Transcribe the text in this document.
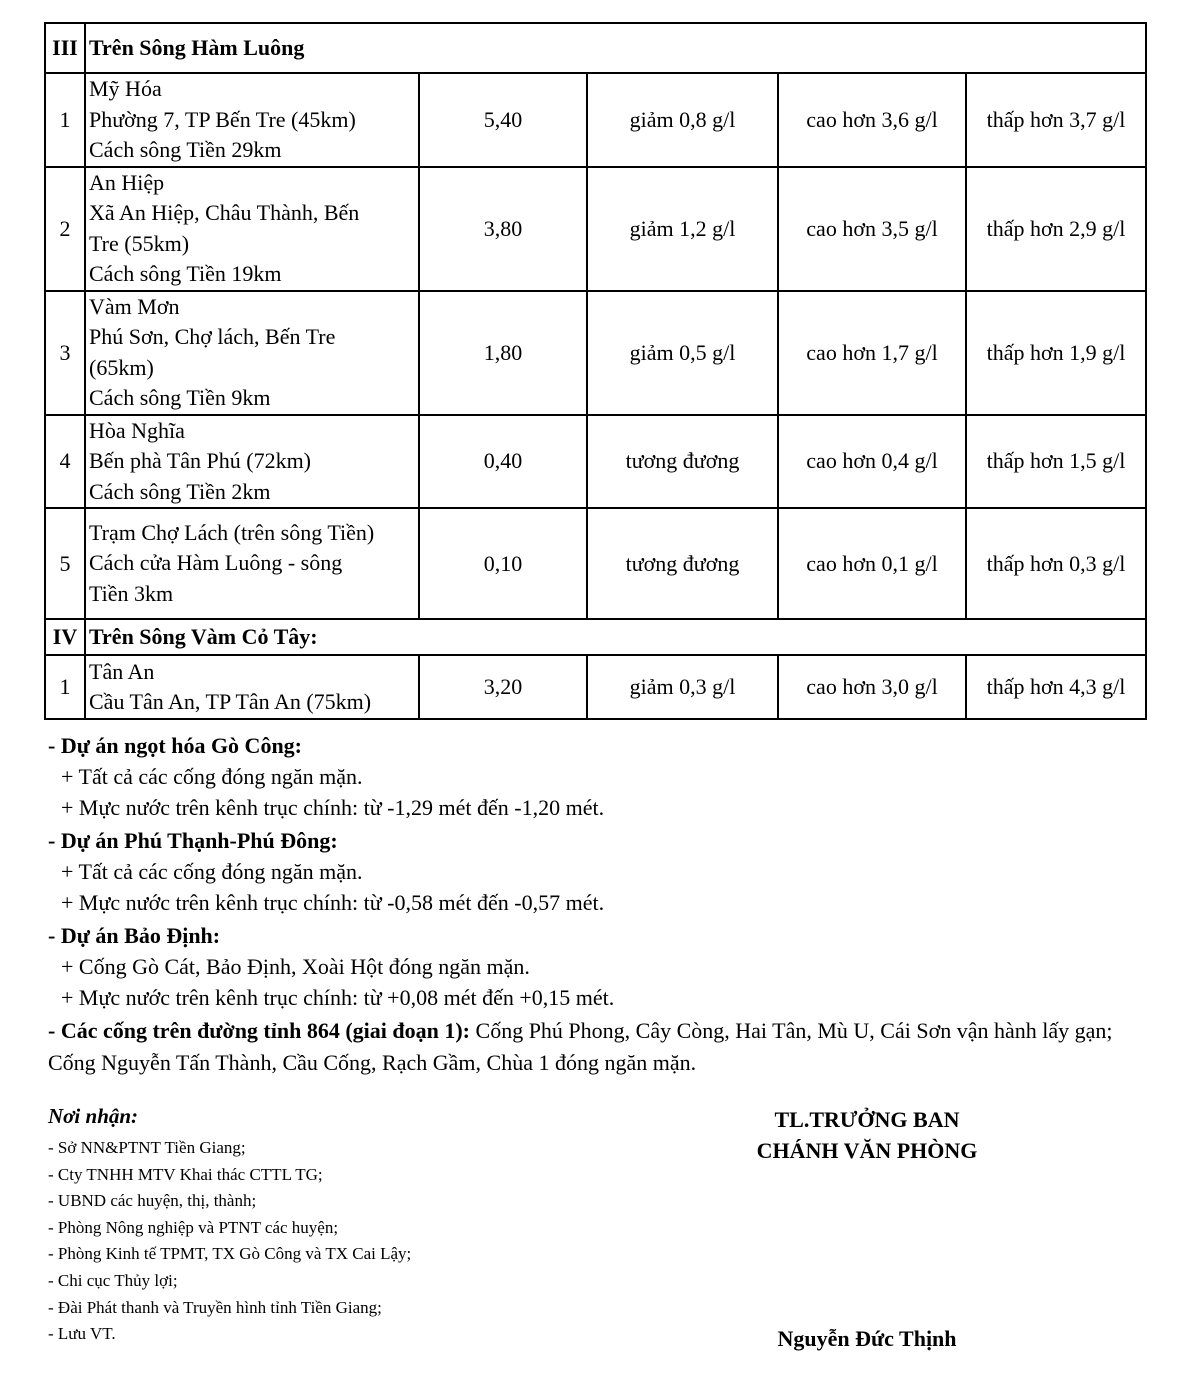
III	Trên Sông Hàm Luông				
1	Mỹ Hóa
Phường 7, TP Bến Tre (45km)
Cách sông Tiền 29km	5,40	giảm 0,8 g/l	cao hơn 3,6 g/l	thấp hơn 3,7 g/l
2	An Hiệp
Xã An Hiệp, Châu Thành, Bến
Tre (55km)
Cách sông Tiền 19km	3,80	giảm 1,2 g/l	cao hơn 3,5 g/l	thấp hơn 2,9 g/l
3	Vàm Mơn
Phú Sơn, Chợ lách, Bến Tre
(65km)
Cách sông Tiền 9km	1,80	giảm 0,5 g/l	cao hơn 1,7 g/l	thấp hơn 1,9 g/l
4	Hòa Nghĩa
Bến phà Tân Phú (72km)
Cách sông Tiền 2km	0,40	tương đương	cao hơn 0,4 g/l	thấp hơn 1,5 g/l
5	Trạm Chợ Lách (trên sông Tiền)
Cách cửa Hàm Luông - sông
Tiền 3km	0,10	tương đương	cao hơn 0,1 g/l	thấp hơn 0,3 g/l
IV	Trên Sông Vàm Cỏ Tây:				
1	Tân An
Cầu Tân An, TP Tân An (75km)	3,20	giảm 0,3 g/l	cao hơn 3,0 g/l	thấp hơn 4,3 g/l

- Dự án ngọt hóa Gò Công:

+ Tất cả các cống đóng ngăn mặn.

+ Mực nước trên kênh trục chính: từ -1,29 mét đến -1,20 mét.

- Dự án Phú Thạnh-Phú Đông:

+ Tất cả các cống đóng ngăn mặn.

+ Mực nước trên kênh trục chính: từ -0,58 mét đến -0,57 mét.

- Dự án Bảo Định:

+ Cống Gò Cát, Bảo Định, Xoài Hột đóng ngăn mặn.

+ Mực nước trên kênh trục chính: từ +0,08 mét đến +0,15 mét.

- Các cống trên đường tỉnh 864 (giai đoạn 1): Cống Phú Phong, Cây Còng, Hai Tân, Mù U, Cái Sơn vận hành lấy gạn; Cống Nguyễn Tấn Thành, Cầu Cống, Rạch Gầm, Chùa 1 đóng ngăn mặn.

Nơi nhận:

- Sở NN&PTNT Tiền Giang;

- Cty TNHH MTV Khai thác CTTL TG;

- UBND các huyện, thị, thành;

- Phòng Nông nghiệp và PTNT các huyện;

- Phòng Kinh tế TPMT, TX Gò Công và TX Cai Lậy;

- Chi cục Thủy lợi;

- Đài Phát thanh và Truyền hình tỉnh Tiền Giang;

- Lưu VT.

TL.TRƯỞNG BAN
CHÁNH VĂN PHÒNG
Nguyễn Đức Thịnh
